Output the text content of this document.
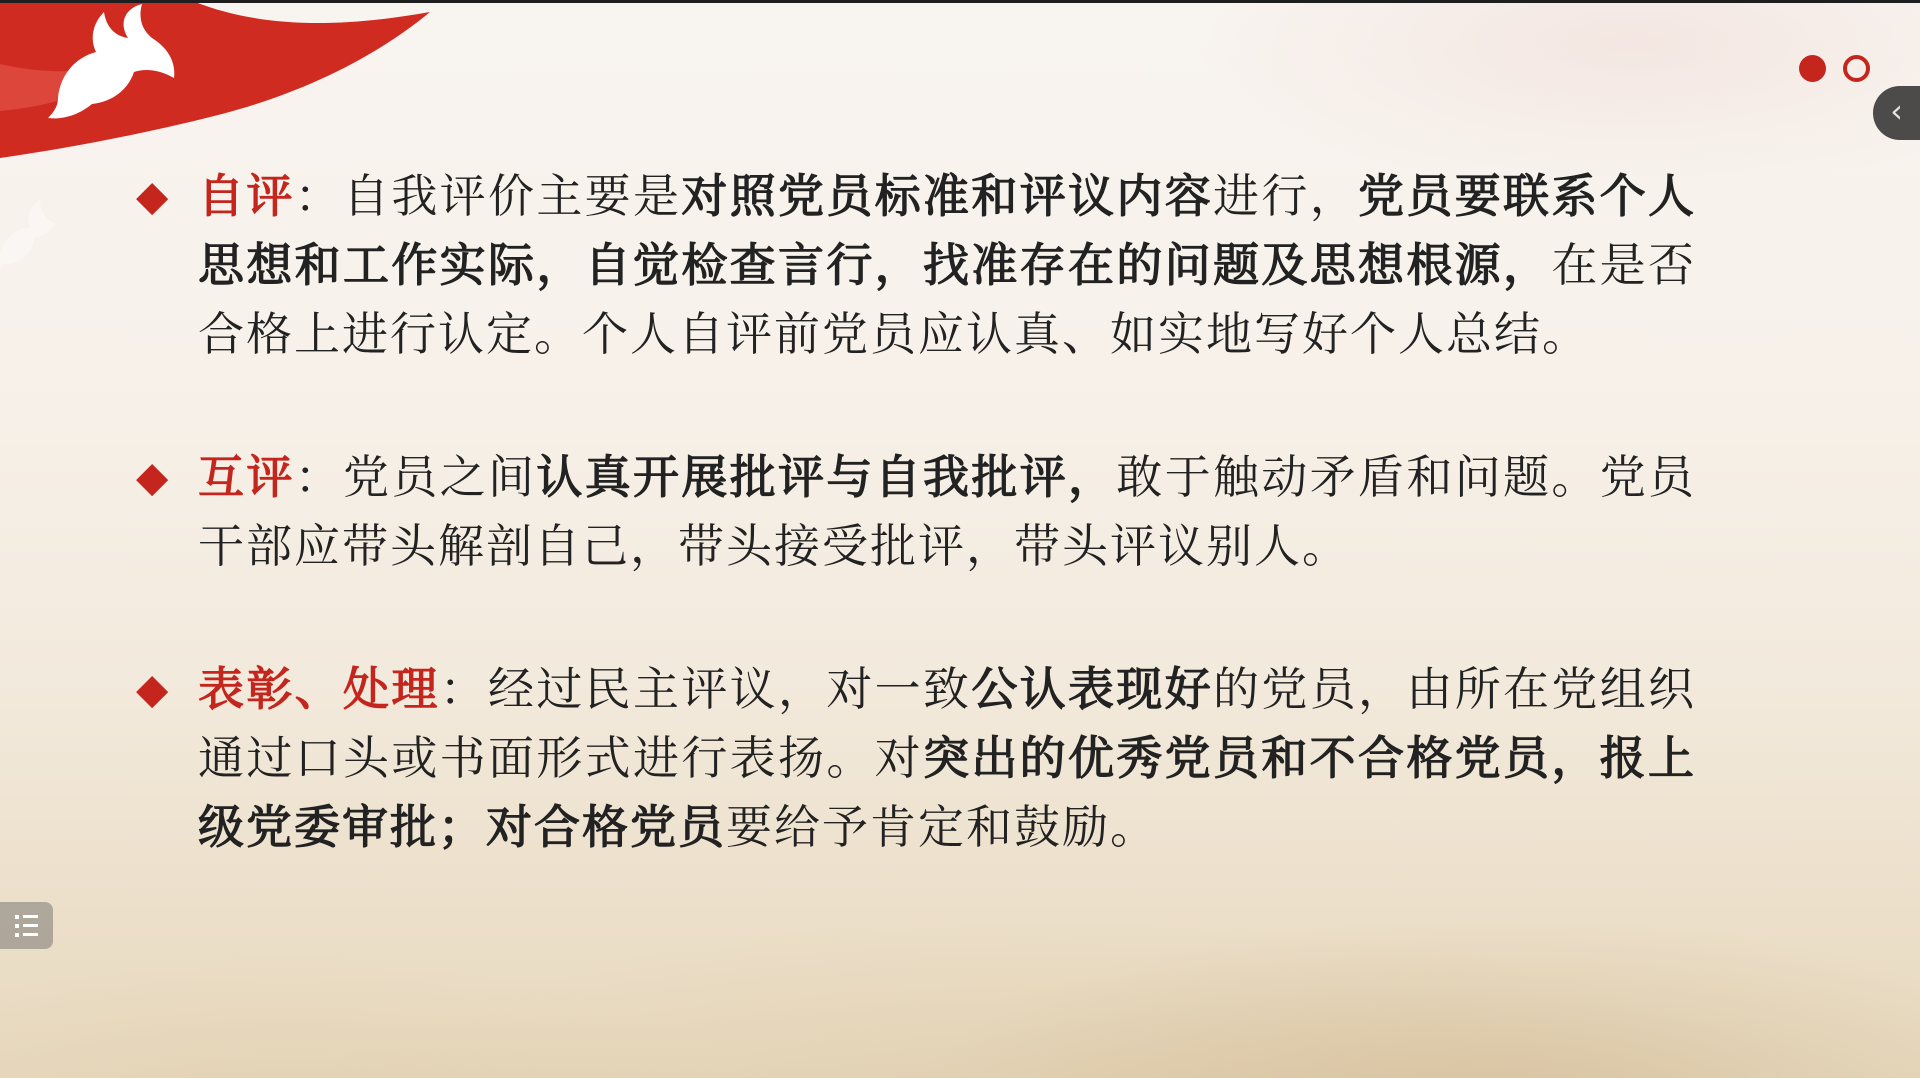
◆ 自评：自我评价主要是对照党员标准和评议内容进行，党员要联系个人思想和工作实际，自觉检查言行，找准存在的问题及思想根源，在是否合格上进行认定。个人自评前党员应认真、如实地写好个人总结。
◆ 互评：党员之间认真开展批评与自我批评，敢于触动矛盾和问题。党员干部应带头解剖自己，带头接受批评，带头评议别人。
◆ 表彰、处理：经过民主评议，对一致公认表现好的党员，由所在党组织通过口头或书面形式进行表扬。对突出的优秀党员和不合格党员，报上级党委审批；对合格党员要给予肯定和鼓励。
‹
